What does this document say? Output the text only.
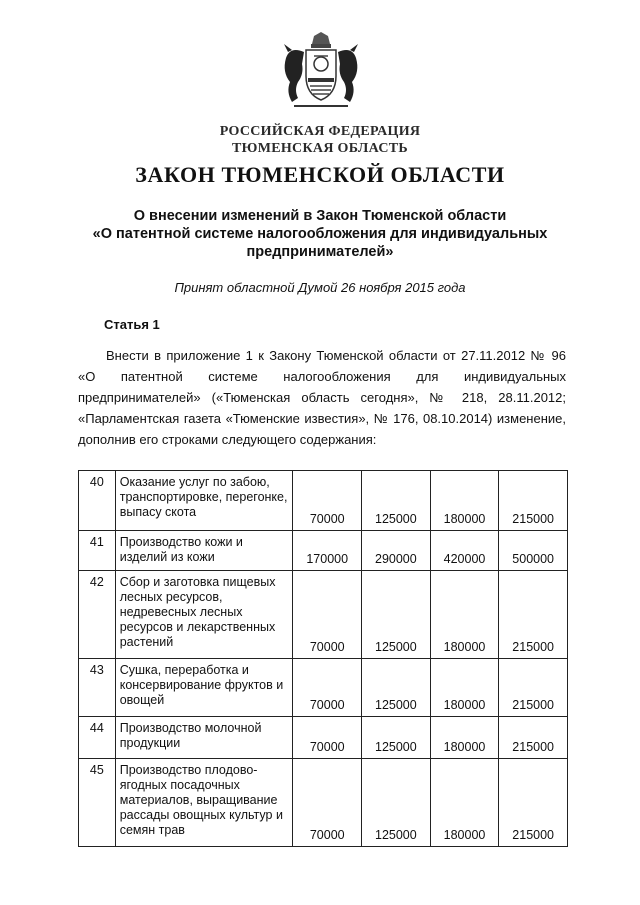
РОССИЙСКАЯ ФЕДЕРАЦИЯ
ТЮМЕНСКАЯ ОБЛАСТЬ
ЗАКОН ТЮМЕНСКОЙ ОБЛАСТИ
О внесении изменений в Закон Тюменской области
«О патентной системе налогообложения для индивидуальных
предпринимателей»
Принят областной Думой 26 ноября 2015 года
Статья 1
Внести в приложение 1 к Закону Тюменской области от 27.11.2012 № 96
«О патентной системе налогообложения для индивидуальных
предпринимателей» («Тюменская область сегодня», № 218, 28.11.2012;
«Парламентская газета «Тюменские известия», № 176, 08.10.2014) изменение,
дополнив его строками следующего содержания:
40	Оказание услуг по забою, транспортировке, перегонке, выпасу скота	70000	125000	180000	215000
41	Производство кожи и изделий из кожи	170000	290000	420000	500000
42	Сбор и заготовка пищевых лесных ресурсов, недревесных лесных ресурсов и лекарственных растений	70000	125000	180000	215000
43	Сушка, переработка и консервирование фруктов и овощей	70000	125000	180000	215000
44	Производство молочной продукции	70000	125000	180000	215000
45	Производство плодово-ягодных посадочных материалов, выращивание рассады овощных культур и семян трав	70000	125000	180000	215000
